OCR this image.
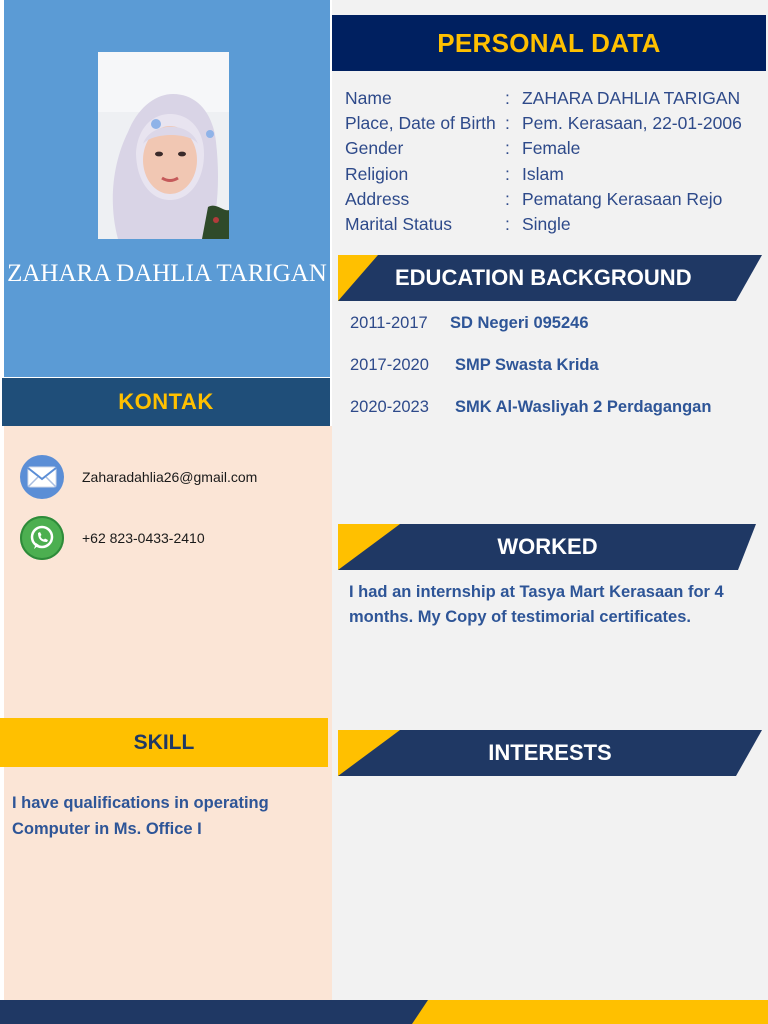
ZAHARA DAHLIA TARIGAN
KONTAK
Zaharadahlia26@gmail.com
+62 823-0433-2410
SKILL
I have qualifications in operating Computer in Ms. Office I
PERSONAL DATA
Name	: ZAHARA DAHLIA TARIGAN
Place, Date of Birth : Pem. Kerasaan, 22-01-2006
Gender	: Female
Religion	: Islam
Address	: Pematang Kerasaan Rejo
Marital Status	: Single
EDUCATION BACKGROUND
2011-2017	SD Negeri 095246
2017-2020	SMP Swasta Krida
2020-2023	SMK Al-Wasliyah 2 Perdagangan
WORKED
I had an internship at Tasya Mart Kerasaan for 4 months. My Copy of testimorial certificates.
INTERESTS
